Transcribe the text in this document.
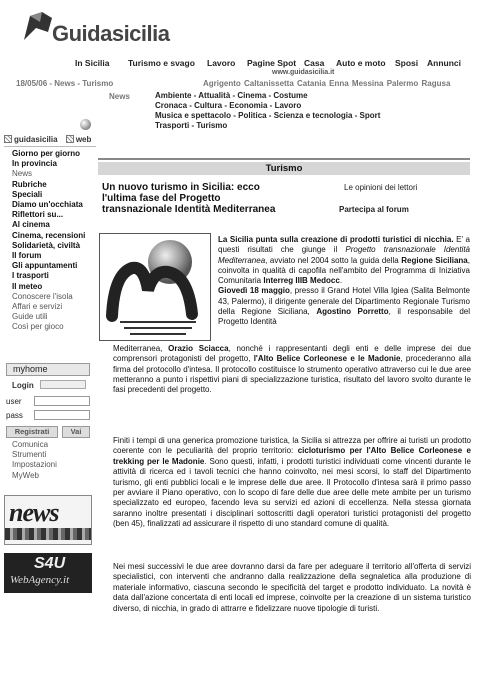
Guidasicilia
In Sicilia Turismo e svago Lavoro Pagine Spot Casa Auto e moto Sposi Annunci
www.guidasicilia.it
18/05/06 - News - Turismo	Agrigento Caltanissetta Catania Enna Messina Palermo Ragusa
News	Ambiente - Attualità - Cinema - Costume
Cronaca - Cultura - Economia - Lavoro
Musica e spettacolo - Politica - Scienza e tecnologia - Sport
Trasporti - Turismo
guidasicilia web
Giorno per giorno
In provincia
News
Rubriche
Speciali
Diamo un'occhiata
Riflettori su...
Al cinema
Cinema, recensioni
Solidarietà, civiltà
Il forum
Gli appuntamenti
I trasporti
Il meteo
Conoscere l'isola
Affari e servizi
Guide utili
Così per gioco
myhome
Login
user
pass
Registrati	Vai
Comunica
Strumenti
Impostazioni
MyWeb
news
S4U
WebAgency.it
Turismo
Un nuovo turismo in Sicilia: ecco l'ultima fase del Progetto transnazionale Identità Mediterranea
Le opinioni dei lettori
Partecipa al forum
La Sicilia punta sulla creazione di prodotti turistici di nicchia. E' a questi risultati che giunge il Progetto transnazionale Identità Mediterranea, avviato nel 2004 sotto la guida della Regione Siciliana, coinvolta in qualità di capofila nell'ambito del Programma di Iniziativa Comunitaria Interreg IIIB Medocc.
Giovedì 18 maggio, presso il Grand Hotel Villa Igiea (Salita Belmonte 43, Palermo), il dirigente generale del Dipartimento Regionale Turismo della Regione Siciliana, Agostino Porretto, il responsabile del Progetto Identità
Mediterranea, Orazio Sciacca, nonché i rappresentanti degli enti e delle imprese dei due comprensori protagonisti del progetto, l'Alto Belice Corleonese e le Madonie, procederanno alla firma del protocollo d'intesa. Il protocollo costituisce lo strumento operativo attraverso cui le due aree metteranno a punto i rispettivi piani di specializzazione turistica, risultato del lavoro svolto durante le fasi precedenti del progetto.
Finiti i tempi di una generica promozione turistica, la Sicilia si attrezza per offrire ai turisti un prodotto coerente con le peculiarità del proprio territorio: cicloturismo per l'Alto Belice Corleonese e trekking per le Madonie. Sono questi, infatti, i prodotti turistici individuati come vincenti durante le attività di ricerca ed i tavoli tecnici che hanno coinvolto, nei mesi scorsi, lo staff del Dipartimento turismo, gli enti pubblici locali e le imprese delle due aree. Il Protocollo d'intesa sarà il primo passo per avviare il Piano operativo, con lo scopo di fare delle due aree delle mete ambite per un turismo specializzato ed europeo, facendo leva su servizi ed azioni di eccellenza. Nella stessa giornata saranno inoltre presentati i disciplinari sottoscritti dagli operatori turistici protagonisti del progetto (ben 45), finalizzati ad assicurare il rispetto di uno standard comune di qualità.
Nei mesi successivi le due aree dovranno darsi da fare per adeguare il territorio all'offerta di servizi specialistici, con interventi che andranno dalla realizzazione della segnaletica alla produzione di materiale informativo, ciascuna secondo le specificità del target e prodotto individuato. La novità è data dall'azione concertata di enti locali ed imprese, coinvolte per la creazione di un sistema turistico diverso, di nicchia, in grado di attrarre e fidelizzare nuove tipologie di turisti.
